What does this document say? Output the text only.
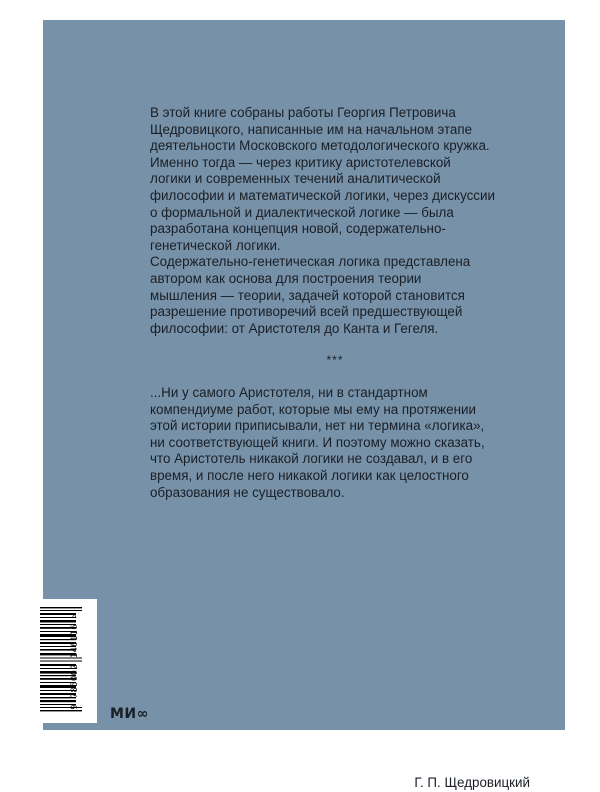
В этой книге собраны работы Георгия Петровича
Щедровицкого, написанные им на начальном этапе
деятельности Московского методологического кружка.
Именно тогда — через критику аристотелевской
логики и современных течений аналитической
философии и математической логики, через дискуссии
о формальной и диалектической логике — была
разработана концепция новой, содержательно-
генетической логики.

Содержательно-генетическая логика представлена
автором как основа для построения теории
мышления — теории, задачей которой становится
разрешение противоречий всей предшествующей
философии: от Аристотеля до Канта и Гегеля.

***

...Ни у самого Аристотеля, ни в стандартном
компендиуме работ, которые мы ему на протяжении
этой истории приписывали, нет ни термина «логика»,
ни соответствующей книги. И поэтому можно сказать,
что Аристотель никакой логики не создавал, и в его
время, и после него никакой логики как целостного
образования не существовало.

Г. П. Щедровицкий
9 785002 146116 >
МИ∞
